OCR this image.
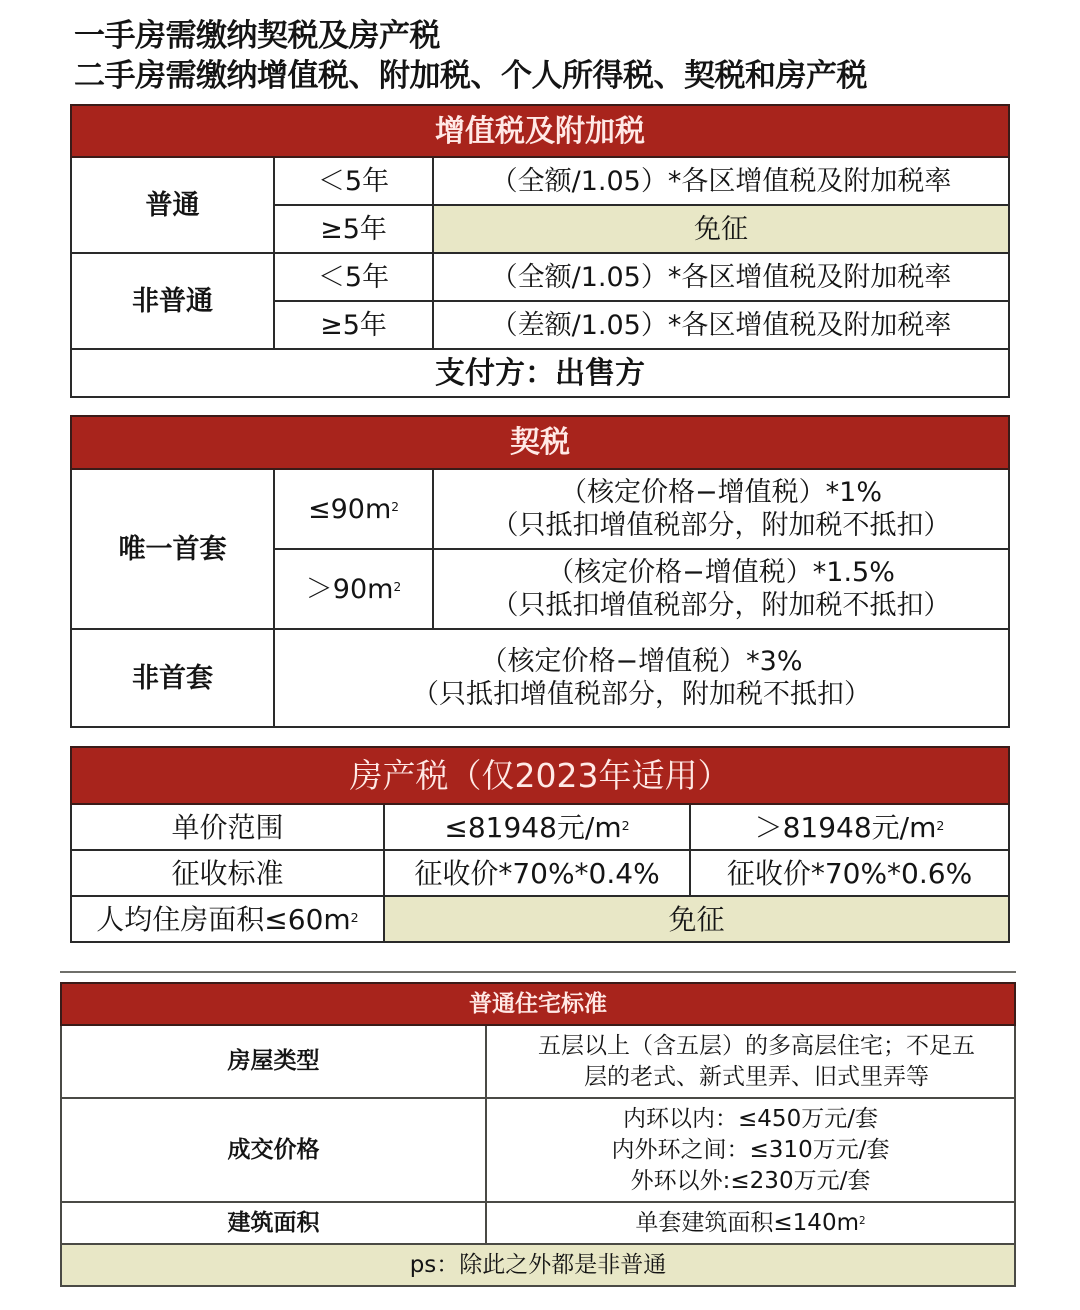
一手房需缴纳契税及房产税
二手房需缴纳增值税、附加税、个人所得税、契税和房产税
增值税及附加税		
普通	＜5年	（全额/1.05）*各区增值税及附加税率
	≥5年	免征
非普通	＜5年	（全额/1.05）*各区增值税及附加税率
	≥5年	（差额/1.05）*各区增值税及附加税率
支付方：出售方		
契税		
唯一首套	$\le 90m^2$	（核定价格−增值税）*1%
（只抵扣增值税部分，附加税不抵扣）

	$>90m^2$	（核定价格−增值税）*1.5%
（只抵扣增值税部分，附加税不抵扣）

非首套	（核定价格−增值税）*3%
（只抵扣增值税部分，附加税不抵扣）	
房产税（仅2023年适用）		
单价范围	≤81948元$/m^2$	＞81948元$/m^2$
征收标准	征收价*70%*0.4%	征收价*70%*0.6%
人均住房面积$\le 60m^2$	免征	
普通住宅标准	
房屋类型	五层以上（含五层）的多高层住宅；不足五
层的老式、新式里弄、旧式里弄等

成交价格	内环以内：≤450万元/套
内外环之间：≤310万元/套
外环以外:≤230万元/套

建筑面积	单套建筑面积$\le 140m^2$
ps：除此之外都是非普通	
